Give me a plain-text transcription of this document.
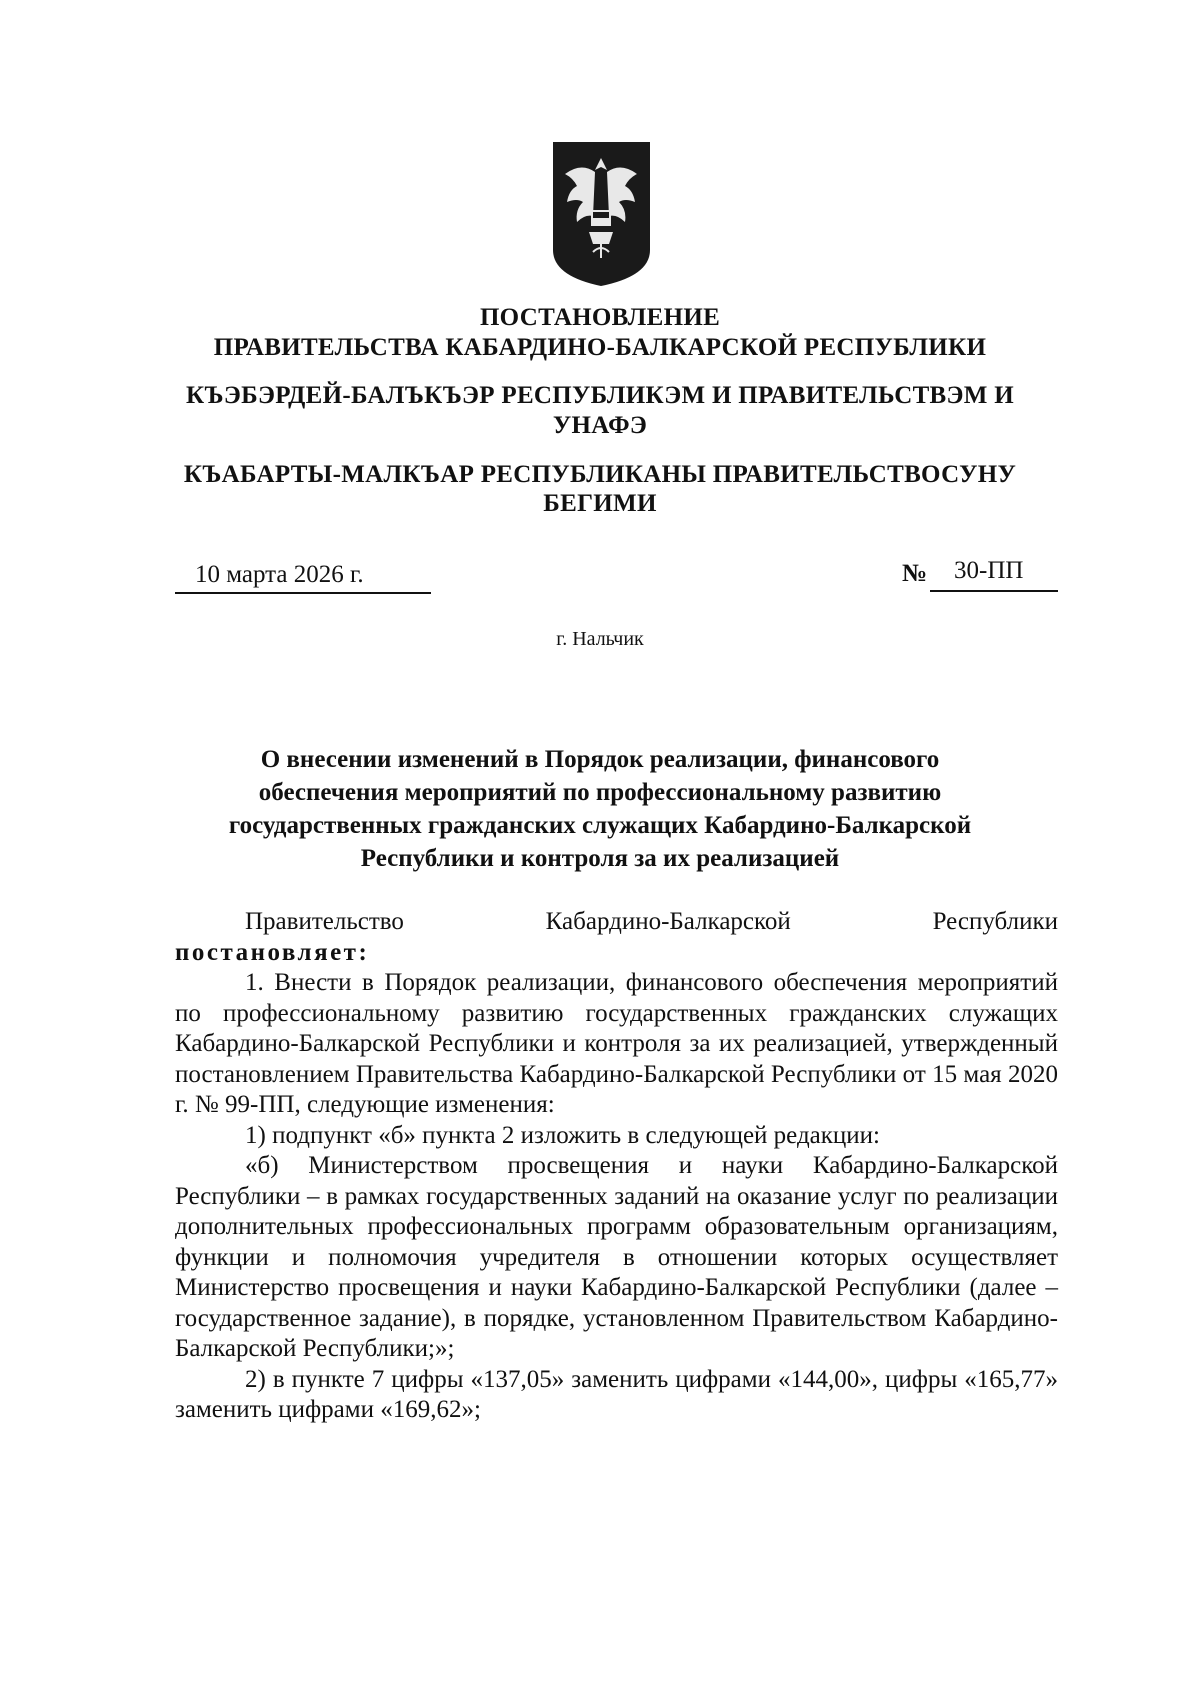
ПОСТАНОВЛЕНИЕ
ПРАВИТЕЛЬСТВА КАБАРДИНО-БАЛКАРСКОЙ РЕСПУБЛИКИ
КЪЭБЭРДЕЙ-БАЛЪКЪЭР РЕСПУБЛИКЭМ И ПРАВИТЕЛЬСТВЭМ И
УНАФЭ
КЪАБАРТЫ-МАЛКЪАР РЕСПУБЛИКАНЫ ПРАВИТЕЛЬСТВОСУНУ
БЕГИМИ
10 марта 2026 г.	№ 30-ПП
г. Нальчик
О внесении изменений в Порядок реализации, финансового
обеспечения мероприятий по профессиональному развитию
государственных гражданских служащих Кабардино-Балкарской
Республики и контроля за их реализацией

Правительство Кабардино-Балкарской Республики

постановляет:

1. Внести в Порядок реализации, финансового обеспечения мероприятий по профессиональному развитию государственных гражданских служащих Кабардино-Балкарской Республики и контроля за их реализацией, утвержденный постановлением Правительства Кабардино-Балкарской Республики от 15 мая 2020 г. № 99-ПП, следующие изменения:

1) подпункт «б» пункта 2 изложить в следующей редакции:

«б) Министерством просвещения и науки Кабардино-Балкарской Республики – в рамках государственных заданий на оказание услуг по реализации дополнительных профессиональных программ образовательным организациям, функции и полномочия учредителя в отношении которых осуществляет Министерство просвещения и науки Кабардино-Балкарской Республики (далее – государственное задание), в порядке, установленном Правительством Кабардино-Балкарской Республики;»;

2) в пункте 7 цифры «137,05» заменить цифрами «144,00», цифры «165,77» заменить цифрами «169,62»;
